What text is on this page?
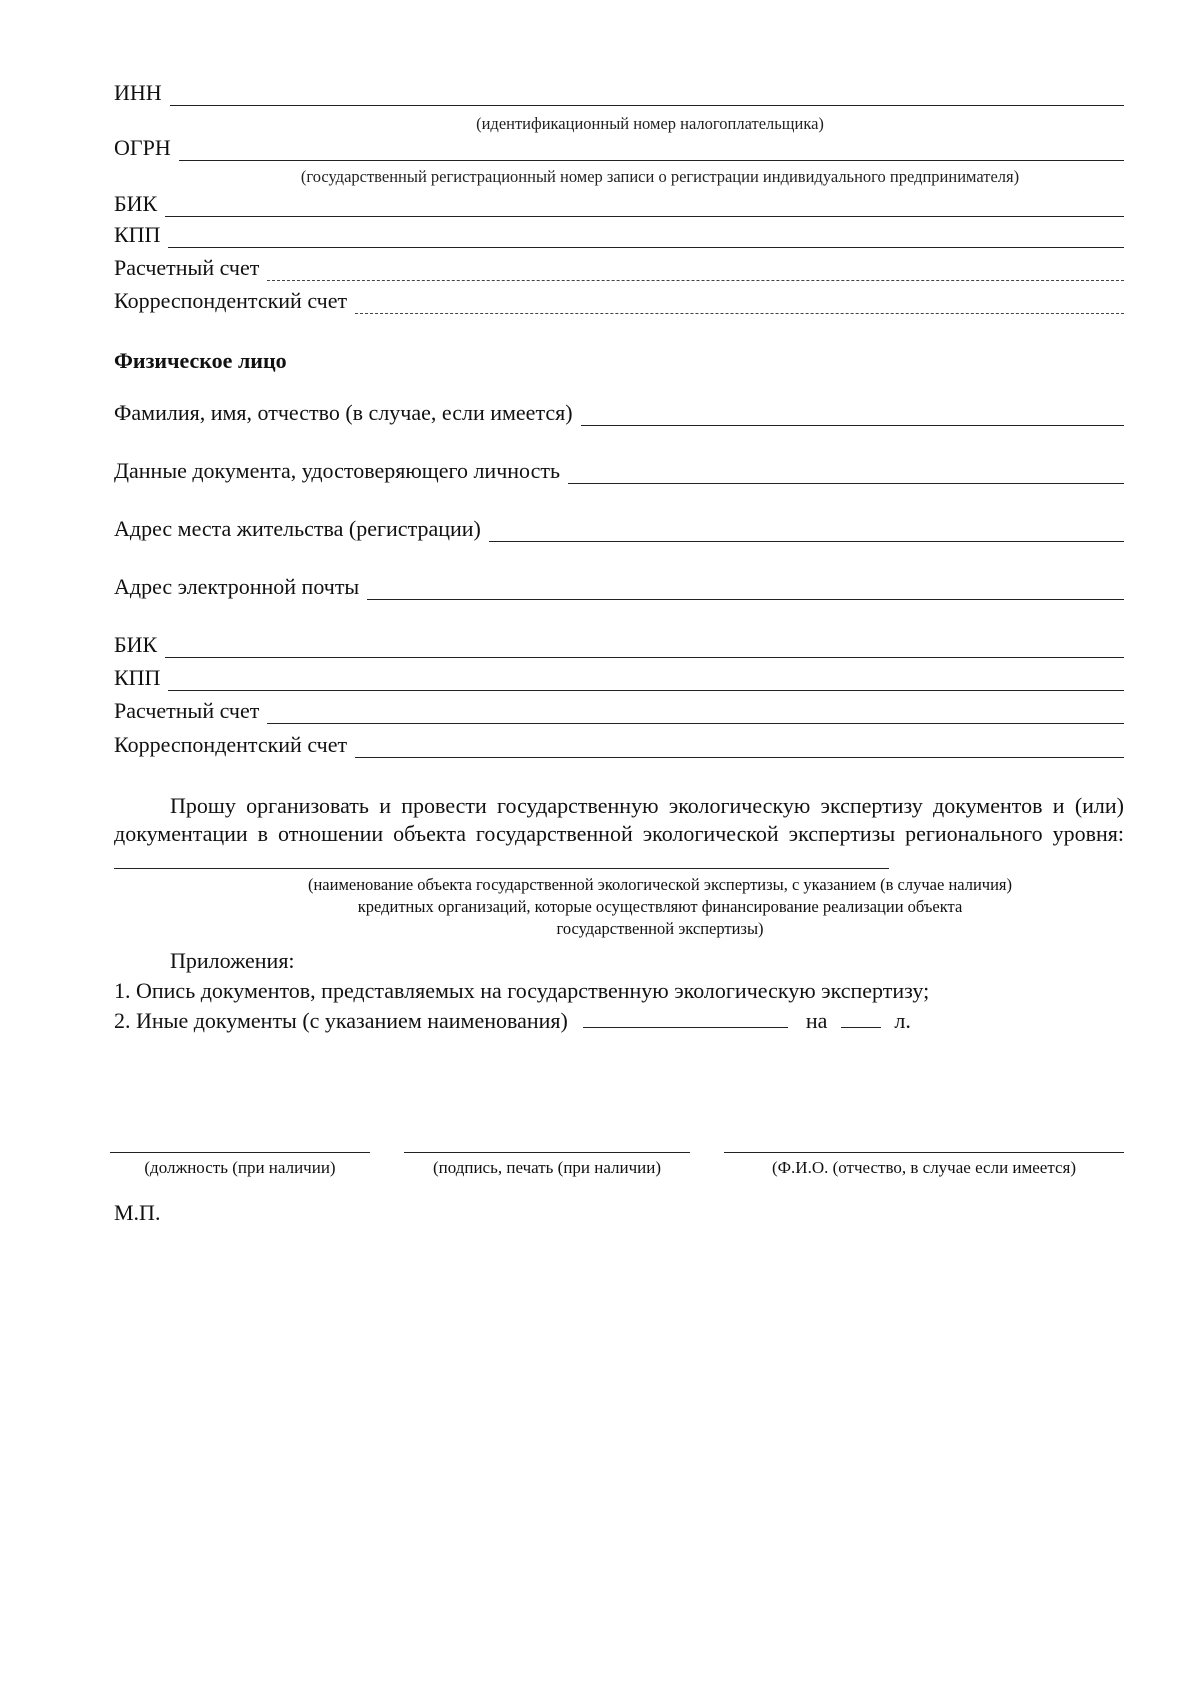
ИНН
(идентификационный номер налогоплательщика)
ОГРН
(государственный регистрационный номер записи о регистрации индивидуального предпринимателя)
БИК
КПП
Расчетный счет
Корреспондентский счет
Физическое лицо
Фамилия, имя, отчество (в случае, если имеется)
Данные документа, удостоверяющего личность
Адрес места жительства (регистрации)
Адрес электронной почты
БИК
КПП
Расчетный счет
Корреспондентский счет
Прошу организовать и провести государственную экологическую экспертизу документов и (или) документации в отношении объекта государственной экологической экспертизы регионального уровня:
(наименование объекта государственной экологической экспертизы, с указанием (в случае наличия)
кредитных организаций, которые осуществляют финансирование реализации объекта
государственной экспертизы)
Приложения:
1. Опись документов, представляемых на государственную экологическую экспертизу;
2. Иные документы (с указанием наименования)	на	л.
(должность (при наличии)	(подпись, печать (при наличии)	(Ф.И.О. (отчество, в случае если имеется)
М.П.
